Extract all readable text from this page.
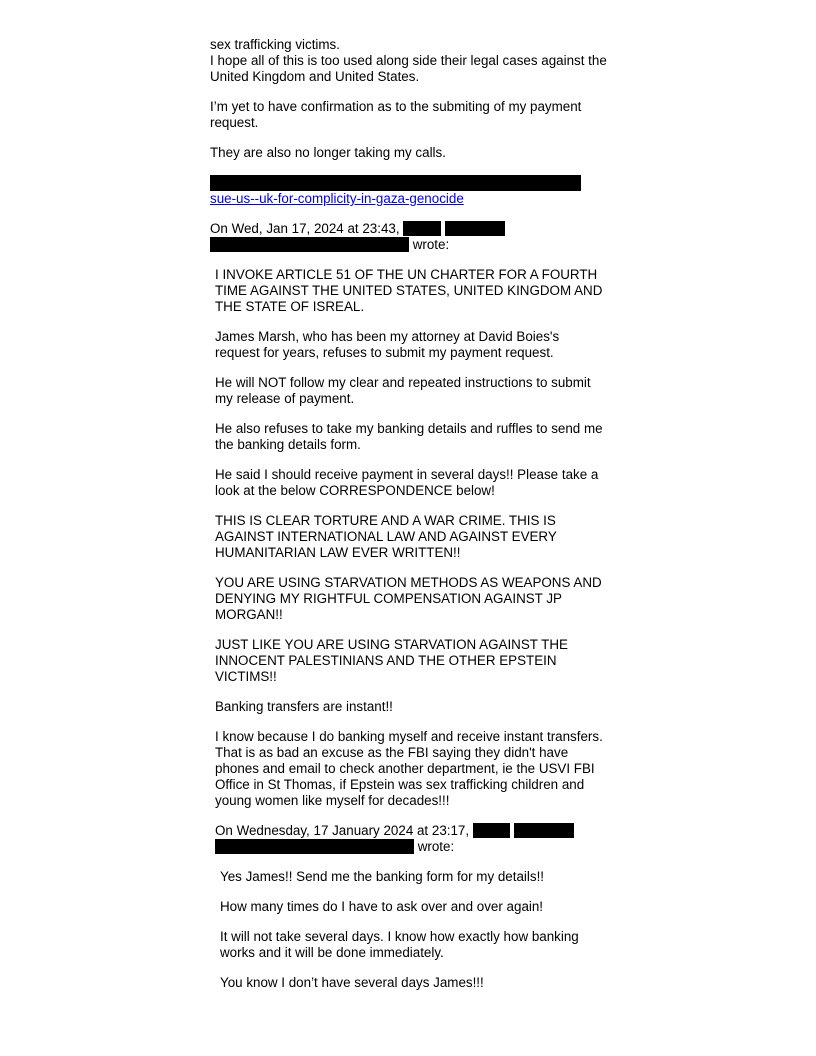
sex trafficking victims.

I hope all of this is too used along side their legal cases against the United Kingdom and United States.

I’m yet to have confirmation as to the submiting of my payment request.

They are also no longer taking my calls.

sue-us--uk-for-complicity-in-gaza-genocide

On Wed, Jan 17, 2024 at 23:43,
wrote:

I INVOKE ARTICLE 51 OF THE UN CHARTER FOR A FOURTH TIME AGAINST THE UNITED STATES, UNITED KINGDOM AND THE STATE OF ISREAL.

James Marsh, who has been my attorney at David Boies's request for years, refuses to submit my payment request.

He will NOT follow my clear and repeated instructions to submit my release of payment.

He also refuses to take my banking details and ruffles to send me the banking details form.

He said I should receive payment in several days!! Please take a look at the below CORRESPONDENCE below!

THIS IS CLEAR TORTURE AND A WAR CRIME. THIS IS AGAINST INTERNATIONAL LAW AND AGAINST EVERY HUMANITARIAN LAW EVER WRITTEN!!

YOU ARE USING STARVATION METHODS AS WEAPONS AND DENYING MY RIGHTFUL COMPENSATION AGAINST JP MORGAN!!

JUST LIKE YOU ARE USING STARVATION AGAINST THE INNOCENT PALESTINIANS AND THE OTHER EPSTEIN VICTIMS!!

Banking transfers are instant!!

I know because I do banking myself and receive instant transfers. That is as bad an excuse as the FBI saying they didn't have phones and email to check another department, ie the USVI FBI Office in St Thomas, if Epstein was sex trafficking children and young women like myself for decades!!!

On Wednesday, 17 January 2024 at 23:17,
wrote:

Yes James!! Send me the banking form for my details!!

How many times do I have to ask over and over again!

It will not take several days. I know how exactly how banking works and it will be done immediately.

You know I don’t have several days James!!!
